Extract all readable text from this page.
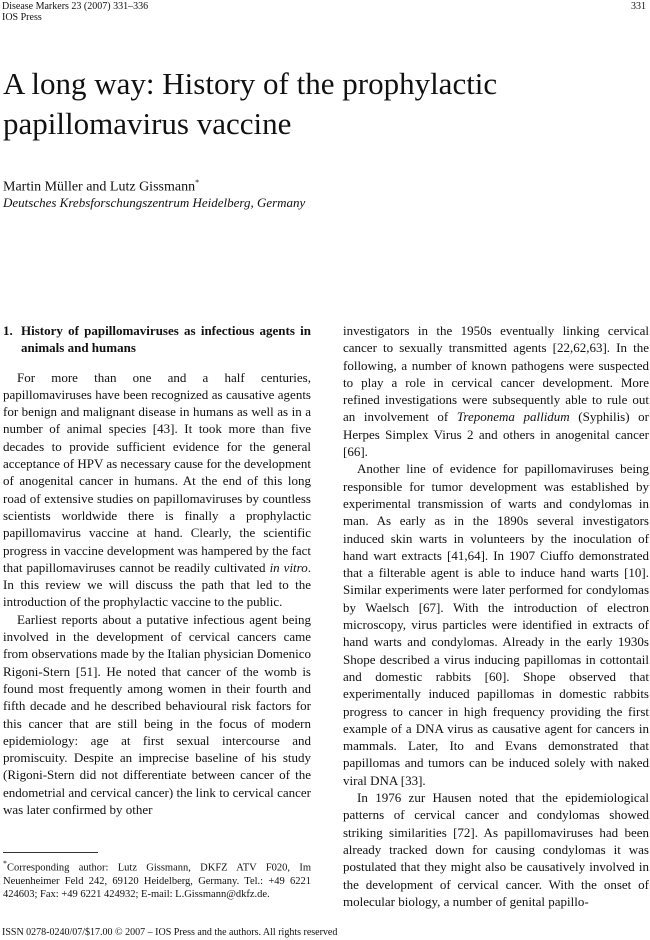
Disease Markers 23 (2007) 331–336
IOS Press
331
A long way: History of the prophylactic papillomavirus vaccine
Martin Müller and Lutz Gissmann*
Deutsches Krebsforschungszentrum Heidelberg, Germany
1. History of papillomaviruses as infectious agents in animals and humans

For more than one and a half centuries, papillomaviruses have been recognized as causative agents for benign and malignant disease in humans as well as in a number of animal species [43]. It took more than five decades to provide sufficient evidence for the general acceptance of HPV as necessary cause for the development of anogenital cancer in humans. At the end of this long road of extensive studies on papillomaviruses by countless scientists worldwide there is finally a prophylactic papillomavirus vaccine at hand. Clearly, the scientific progress in vaccine development was hampered by the fact that papillomaviruses cannot be readily cultivated in vitro. In this review we will discuss the path that led to the introduction of the prophylactic vaccine to the public.

Earliest reports about a putative infectious agent being involved in the development of cervical cancers came from observations made by the Italian physician Domenico Rigoni-Stern [51]. He noted that cancer of the womb is found most frequently among women in their fourth and fifth decade and he described behavioural risk factors for this cancer that are still being in the focus of modern epidemiology: age at first sexual intercourse and promiscuity. Despite an imprecise baseline of his study (Rigoni-Stern did not differentiate between cancer of the endometrial and cervical cancer) the link to cervical cancer was later confirmed by other

investigators in the 1950s eventually linking cervical cancer to sexually transmitted agents [22,62,63]. In the following, a number of known pathogens were suspected to play a role in cervical cancer development. More refined investigations were subsequently able to rule out an involvement of Treponema pallidum (Syphilis) or Herpes Simplex Virus 2 and others in anogenital cancer [66].

Another line of evidence for papillomaviruses being responsible for tumor development was established by experimental transmission of warts and condylomas in man. As early as in the 1890s several investigators induced skin warts in volunteers by the inoculation of hand wart extracts [41,64]. In 1907 Ciuffo demonstrated that a filterable agent is able to induce hand warts [10]. Similar experiments were later performed for condylomas by Waelsch [67]. With the introduction of electron microscopy, virus particles were identified in extracts of hand warts and condylomas. Already in the early 1930s Shope described a virus inducing papillomas in cottontail and domestic rabbits [60]. Shope observed that experimentally induced papillomas in domestic rabbits progress to cancer in high frequency providing the first example of a DNA virus as causative agent for cancers in mammals. Later, Ito and Evans demonstrated that papillomas and tumors can be induced solely with naked viral DNA [33].

In 1976 zur Hausen noted that the epidemiological patterns of cervical cancer and condylomas showed striking similarities [72]. As papillomaviruses had been already tracked down for causing condylomas it was postulated that they might also be causatively involved in the development of cervical cancer. With the onset of molecular biology, a number of genital papillo-

*Corresponding author: Lutz Gissmann, DKFZ ATV F020, Im Neuenheimer Feld 242, 69120 Heidelberg, Germany. Tel.: +49 6221 424603; Fax: +49 6221 424932; E-mail: L.Gissmann@dkfz.de.
ISSN 0278-0240/07/$17.00 © 2007 – IOS Press and the authors. All rights reserved
